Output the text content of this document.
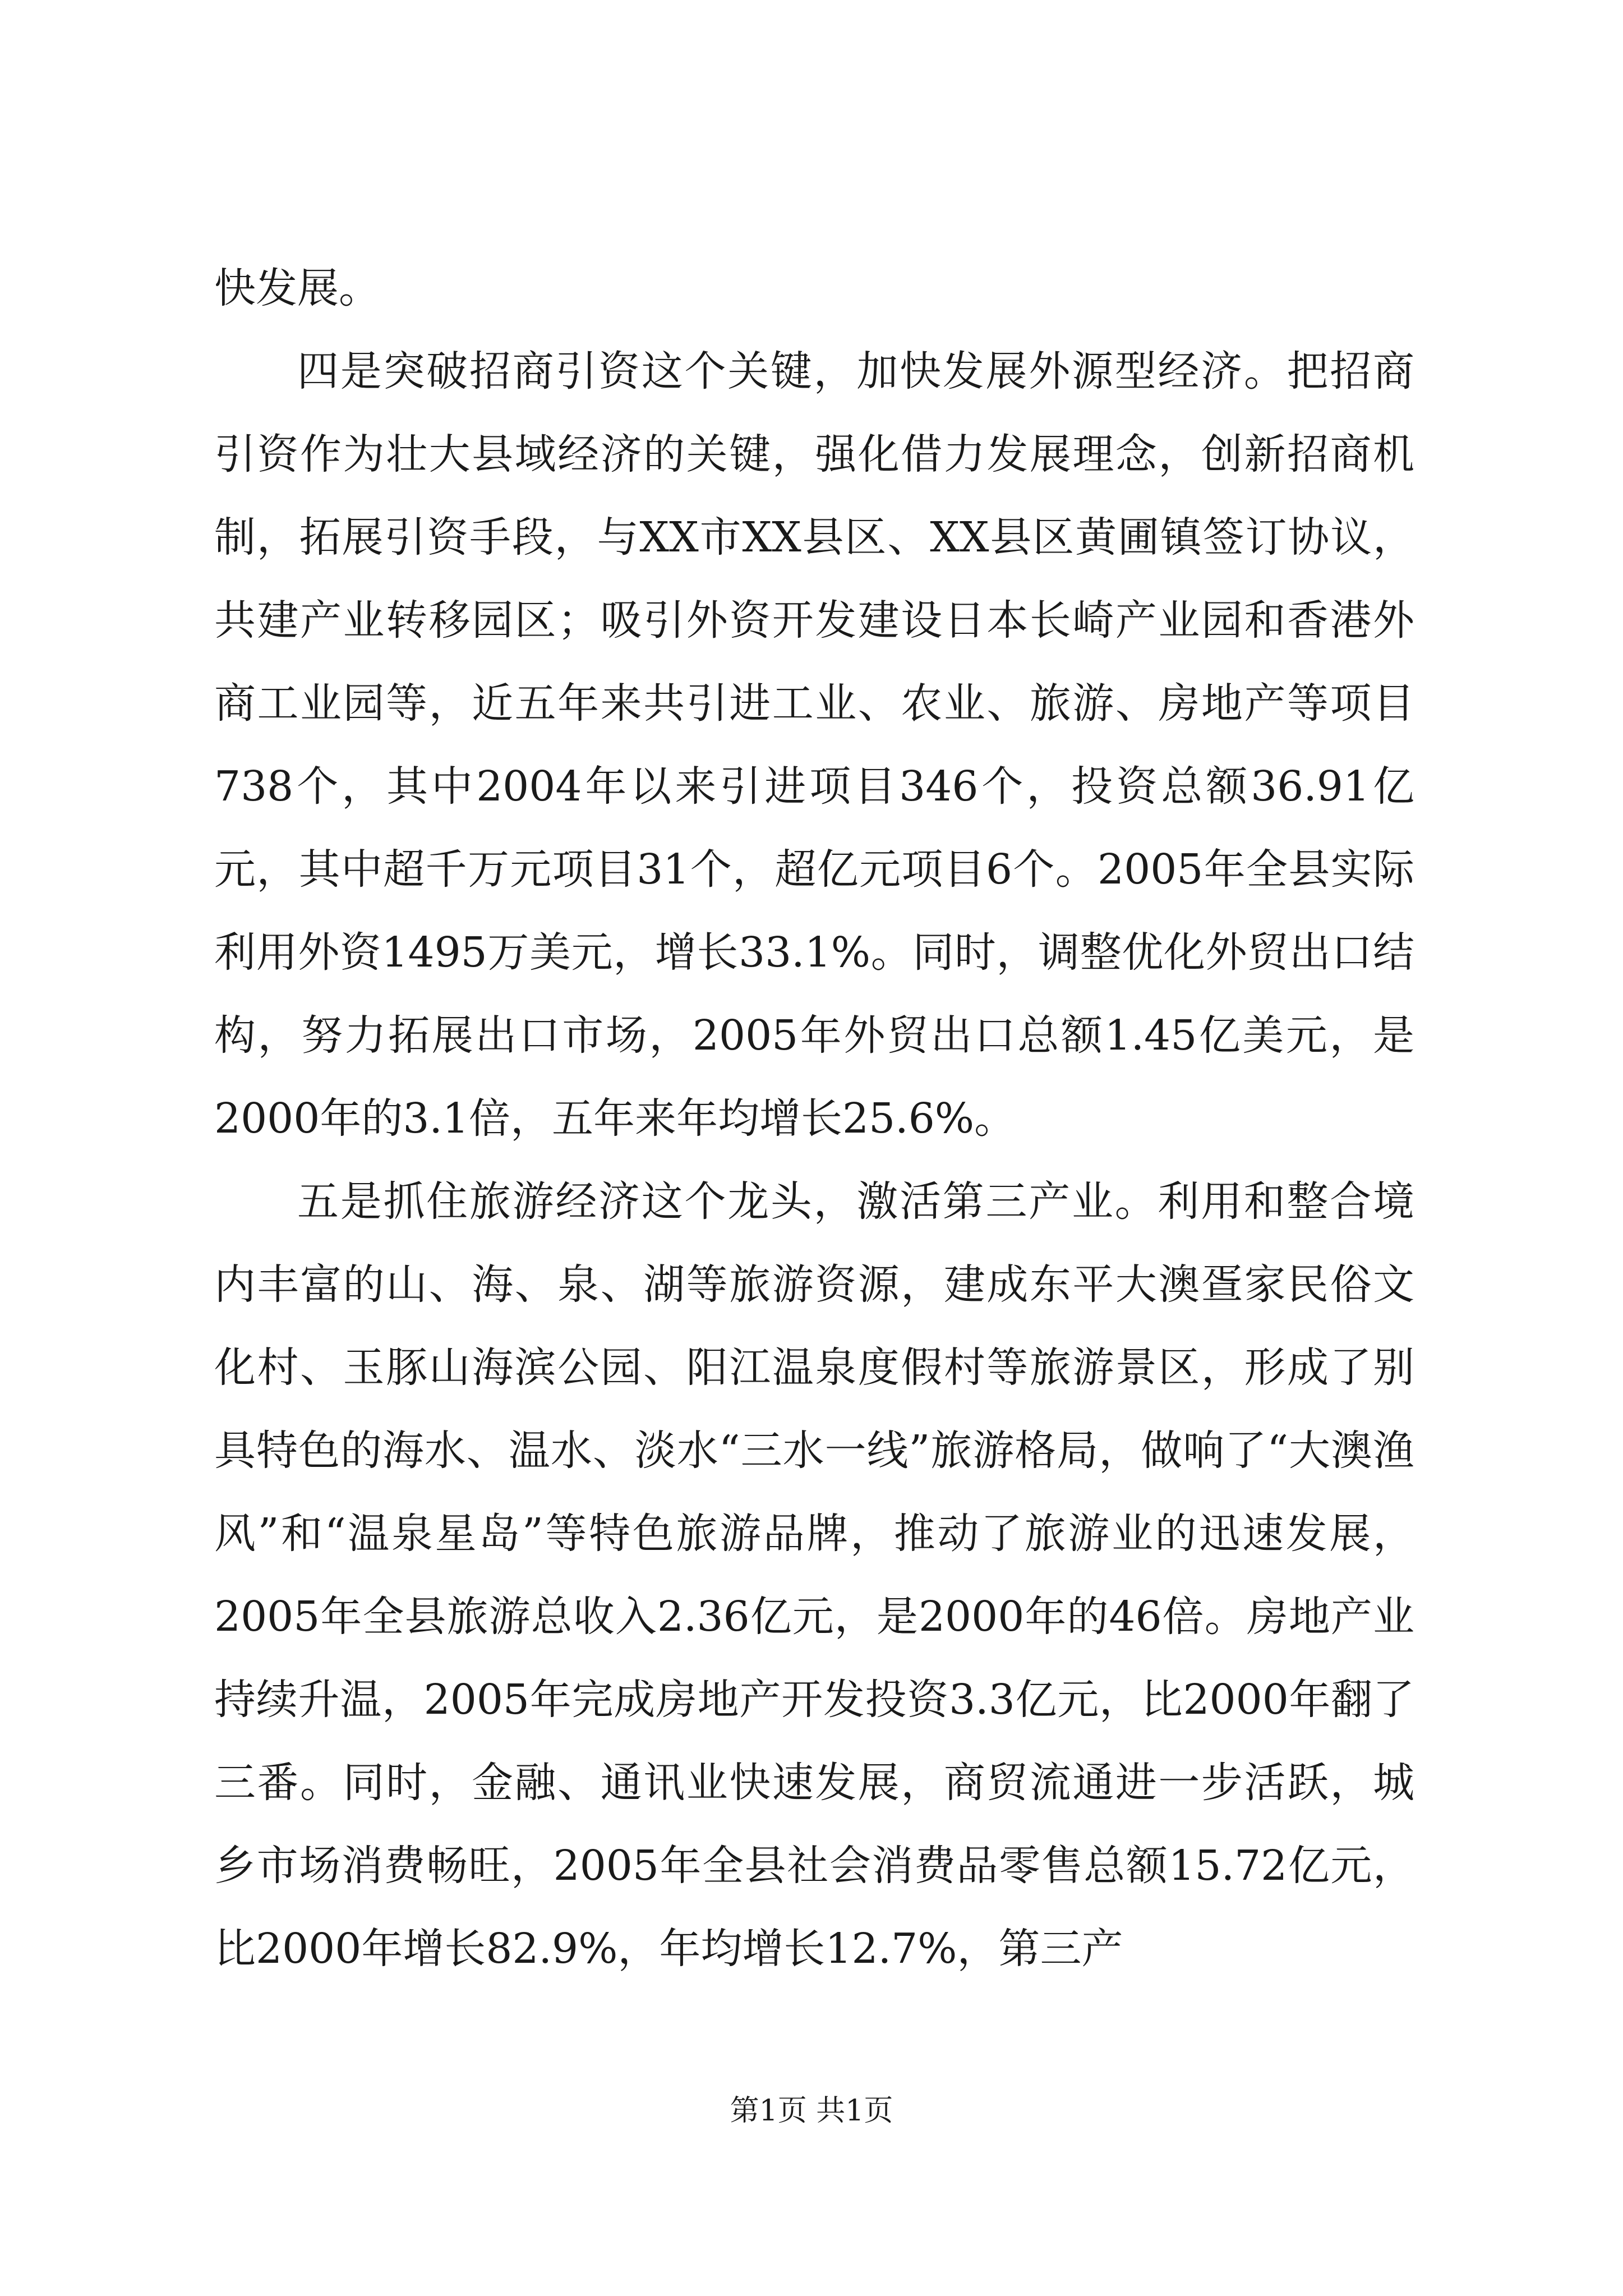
快发展。

四是突破招商引资这个关键，加快发展外源型经济。把招商引资作为壮大县域经济的关键，强化借力发展理念，创新招商机制，拓展引资手段，与XX市XX县区、XX县区黄圃镇签订协议，共建产业转移园区；吸引外资开发建设日本长崎产业园和香港外商工业园等，近五年来共引进工业、农业、旅游、房地产等项目738个，其中2004年以来引进项目346个，投资总额36.91亿元，其中超千万元项目31个，超亿元项目6个。2005年全县实际利用外资1495万美元，增长33.1%。同时，调整优化外贸出口结构，努力拓展出口市场，2005年外贸出口总额1.45亿美元，是2000年的3.1倍，五年来年均增长25.6%。

五是抓住旅游经济这个龙头，激活第三产业。利用和整合境内丰富的山、海、泉、湖等旅游资源，建成东平大澳疍家民俗文化村、玉豚山海滨公园、阳江温泉度假村等旅游景区，形成了别具特色的海水、温水、淡水“三水一线”旅游格局，做响了“大澳渔风”和“温泉星岛”等特色旅游品牌，推动了旅游业的迅速发展，2005年全县旅游总收入2.36亿元，是2000年的46倍。房地产业持续升温，2005年完成房地产开发投资3.3亿元，比2000年翻了三番。同时，金融、通讯业快速发展，商贸流通进一步活跃，城乡市场消费畅旺，2005年全县社会消费品零售总额15.72亿元，比2000年增长82.9%，年均增长12.7%，第三产

第1页 共1页
